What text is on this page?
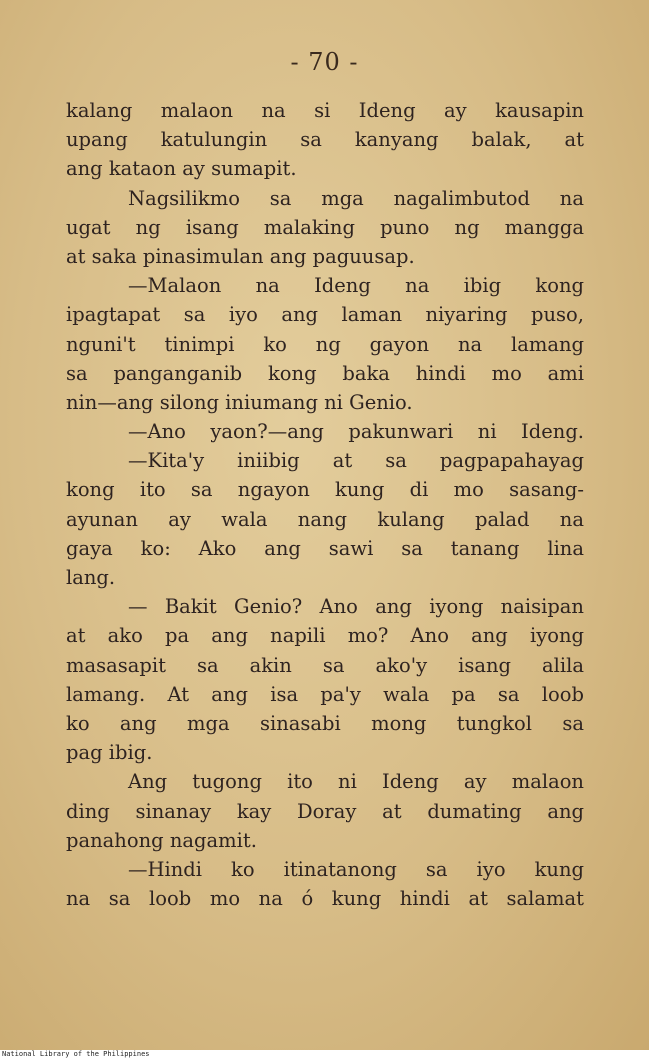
- 70 -
kalang malaon na si Ideng ay kausapin
upang katulungin sa kanyang balak, at
ang kataon ay sumapit.
Nagsilikmo sa mga nagalimbutod na
ugat ng isang malaking puno ng mangga
at saka pinasimulan ang paguusap.
—Malaon na Ideng na ibig kong
ipagtapat sa iyo ang laman niyaring puso,
nguni't tinimpi ko ng gayon na lamang
sa panganganib kong baka hindi mo ami
nin—ang silong iniumang ni Genio.
—Ano yaon?—ang pakunwari ni Ideng.
—Kita'y iniibig at sa pagpapahayag
kong ito sa ngayon kung di mo sasang-
ayunan ay wala nang kulang palad na
gaya ko: Ako ang sawi sa tanang lina
lang.
— Bakit Genio? Ano ang iyong naisipan
at ako pa ang napili mo? Ano ang iyong
masasapit sa akin sa ako'y isang alila
lamang. At ang isa pa'y wala pa sa loob
ko ang mga sinasabi mong tungkol sa
pag ibig.
Ang tugong ito ni Ideng ay malaon
ding sinanay kay Doray at dumating ang
panahong nagamit.
—Hindi ko itinatanong sa iyo kung
na sa loob mo na ó kung hindi at salamat
National Library of the Philippines
